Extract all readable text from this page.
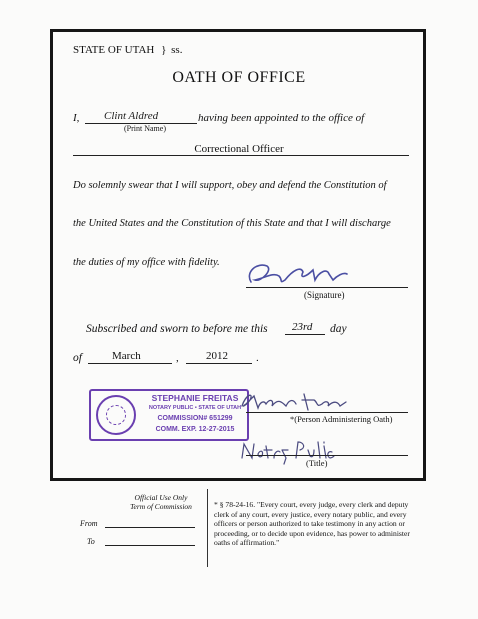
STATE OF UTAH } ss.
OATH OF OFFICE
I, Clint Aldred	having been appointed to the office of
(Print Name)
Correctional Officer
Do solemnly swear that I will support, obey and defend the Constitution of
the United States and the Constitution of this State and that I will discharge
the duties of my office with fidelity.
(Signature)
Subscribed and sworn to before me this 23rd day
of	March	, 2012	.
STEPHANIE FREITAS
NOTARY PUBLIC • STATE OF UTAH
COMMISSION# 651299
COMM. EXP. 12-27-2015
*(Person Administering Oath)
(Title)
Official Use Only
Term of Commission
From
To
* § 78-24-16. "Every court, every judge, every clerk and deputy clerk of any court, every justice, every notary public, and every officers or person authorized to take testimony in any action or proceeding, or to decide upon evidence, has power to administer oaths of affirmation."
